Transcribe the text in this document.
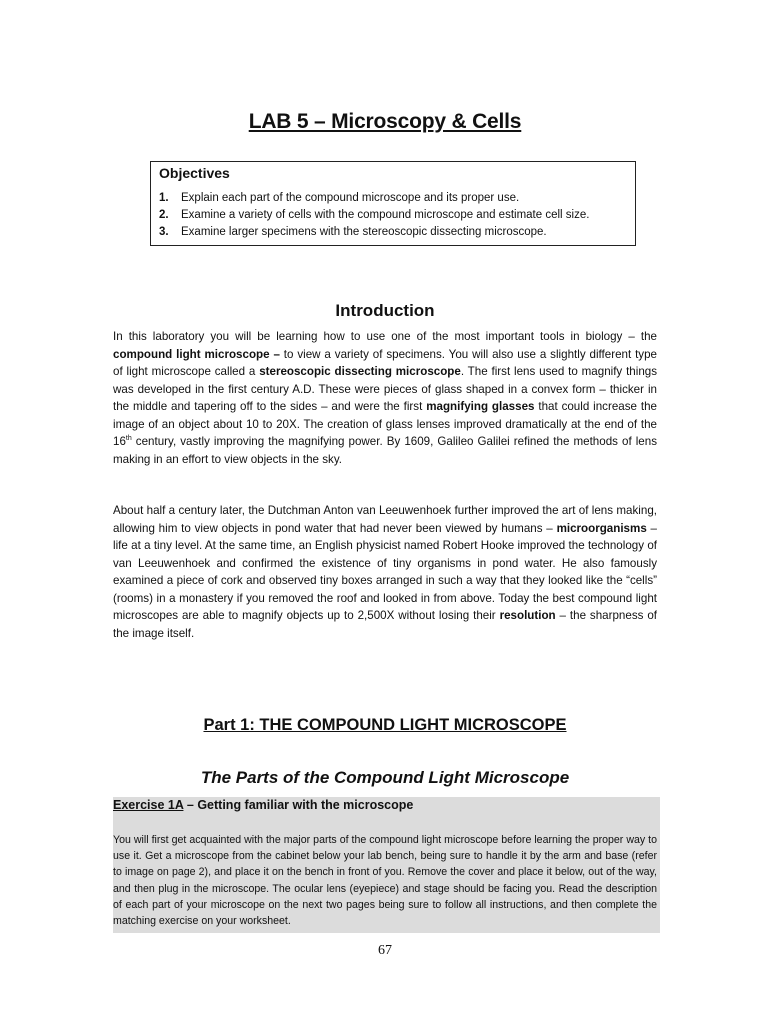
LAB 5 – Microscopy & Cells
Objectives
1. Explain each part of the compound microscope and its proper use.
2. Examine a variety of cells with the compound microscope and estimate cell size.
3. Examine larger specimens with the stereoscopic dissecting microscope.
Introduction

In this laboratory you will be learning how to use one of the most important tools in biology – the compound light microscope – to view a variety of specimens. You will also use a slightly different type of light microscope called a stereoscopic dissecting microscope. The first lens used to magnify things was developed in the first century A.D. These were pieces of glass shaped in a convex form – thicker in the middle and tapering off to the sides – and were the first magnifying glasses that could increase the image of an object about 10 to 20X. The creation of glass lenses improved dramatically at the end of the 16th century, vastly improving the magnifying power. By 1609, Galileo Galilei refined the methods of lens making in an effort to view objects in the sky.

About half a century later, the Dutchman Anton van Leeuwenhoek further improved the art of lens making, allowing him to view objects in pond water that had never been viewed by humans – microorganisms – life at a tiny level. At the same time, an English physicist named Robert Hooke improved the technology of van Leeuwenhoek and confirmed the existence of tiny organisms in pond water. He also famously examined a piece of cork and observed tiny boxes arranged in such a way that they looked like the “cells” (rooms) in a monastery if you removed the roof and looked in from above. Today the best compound light microscopes are able to magnify objects up to 2,500X without losing their resolution – the sharpness of the image itself.

Part 1: THE COMPOUND LIGHT MICROSCOPE
The Parts of the Compound Light Microscope
Exercise 1A – Getting familiar with the microscope

You will first get acquainted with the major parts of the compound light microscope before learning the proper way to use it. Get a microscope from the cabinet below your lab bench, being sure to handle it by the arm and base (refer to image on page 2), and place it on the bench in front of you. Remove the cover and place it below, out of the way, and then plug in the microscope. The ocular lens (eyepiece) and stage should be facing you. Read the description of each part of your microscope on the next two pages being sure to follow all instructions, and then complete the matching exercise on your worksheet.

67
